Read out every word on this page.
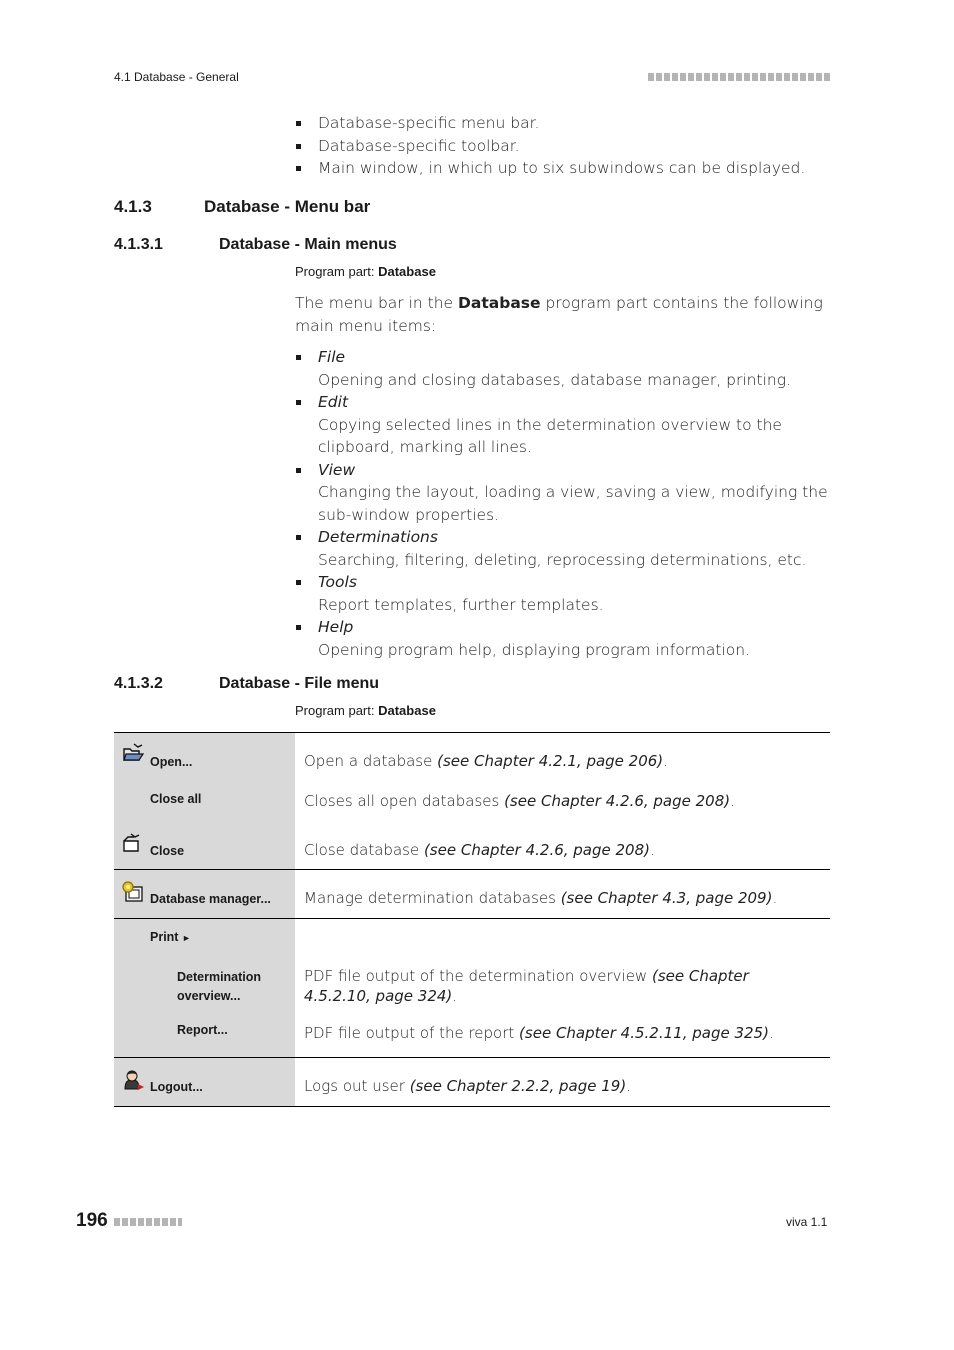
4.1 Database - General
Database-specific menu bar.
Database-specific toolbar.
Main window, in which up to six subwindows can be displayed.
4.1.3	Database - Menu bar
4.1.3.1	Database - Main menus
Program part: Database

The menu bar in the Database program part contains the following main menu items:

File
Opening and closing databases, database manager, printing.
Edit
Copying selected lines in the determination overview to the clipboard, marking all lines.
View
Changing the layout, loading a view, saving a view, modifying the sub-window properties.
Determinations
Searching, filtering, deleting, reprocessing determinations, etc.
Tools
Report templates, further templates.
Help
Opening program help, displaying program information.
4.1.3.2	Database - File menu
Program part: Database
Open...	Open a database (see Chapter 4.2.1, page 206).

Close all	Closes all open databases (see Chapter 4.2.6, page 208).

Close	Close database (see Chapter 4.2.6, page 208).

Database manager...	Manage determination databases (see Chapter 4.3, page 209).

Print ►	

Determination overview...	PDF file output of the determination overview (see Chapter 4.5.2.10, page 324).

Report...	PDF file output of the report (see Chapter 4.5.2.11, page 325).

Logout...	Logs out user (see Chapter 2.2.2, page 19).
196	viva 1.1
